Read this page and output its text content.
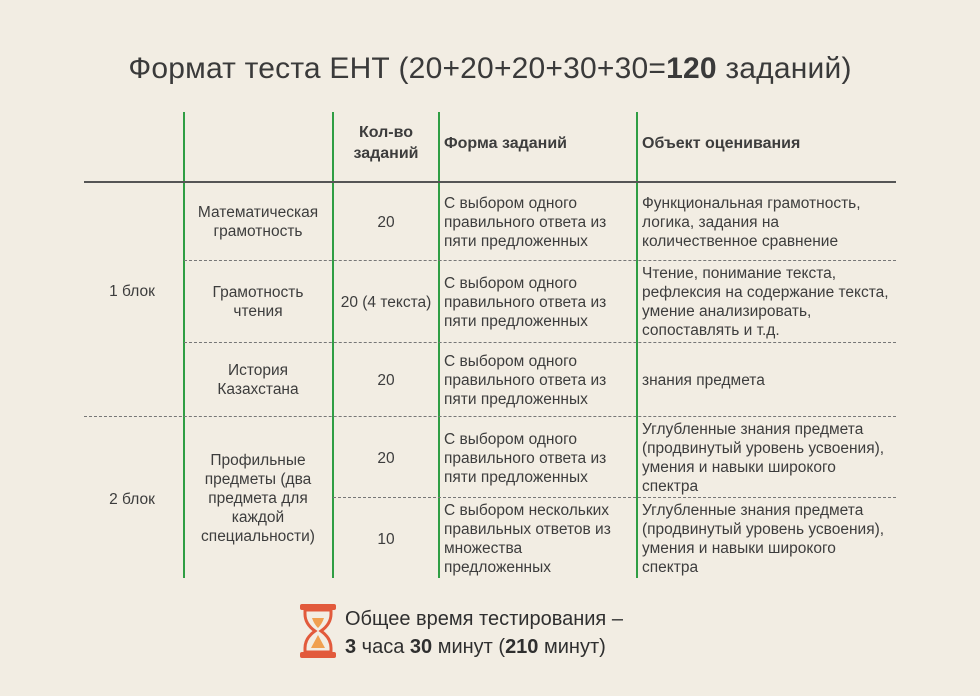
Формат теста ЕНТ (20+20+20+30+30=120 заданий)
Кол-во заданий
Форма заданий	Объект оценивания
1 блок
2 блок
Математическая грамотность
20
С выбором одного правильного ответа из пяти предложенных
Функциональная грамотность, логика, задания на количественное сравнение
Грамотность чтения
20 (4 текста)
С выбором одного правильного ответа из пяти предложенных
Чтение, понимание текста, рефлексия на содержание текста, умение анализировать, сопоставлять и т.д.
История Казахстана
20
С выбором одного правильного ответа из пяти предложенных
знания предмета
Профильные предметы (два предмета для каждой специальности)
20
С выбором одного правильного ответа из пяти предложенных
Углубленные знания предмета (продвинутый уровень усвоения), умения и навыки широкого спектра
10
С выбором нескольких правильных ответов из множества предложенных
Углубленные знания предмета (продвинутый уровень усвоения), умения и навыки широкого спектра
Общее время тестирования –
3 часа 30 минут (210 минут)
